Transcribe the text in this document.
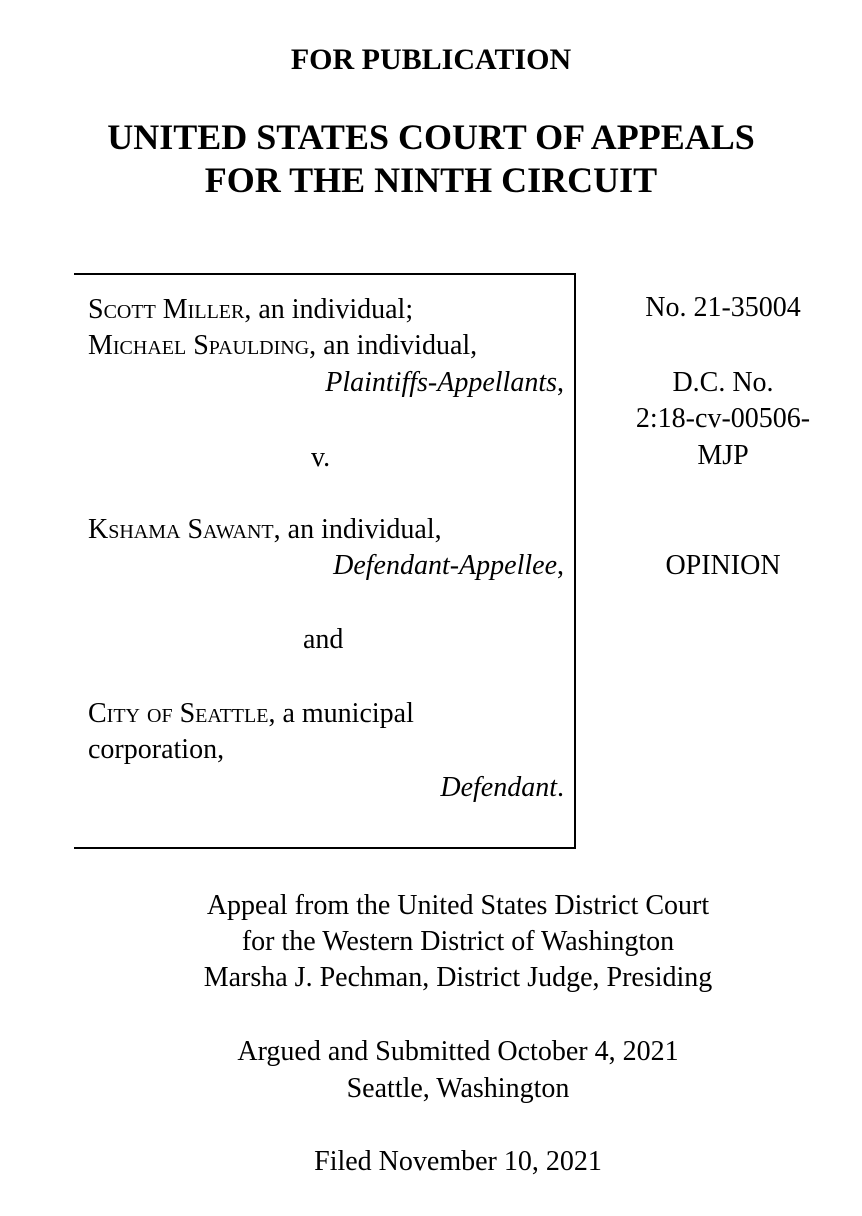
FOR PUBLICATION
UNITED STATES COURT OF APPEALS
FOR THE NINTH CIRCUIT
Scott Miller, an individual;
Michael Spaulding, an individual,
Plaintiffs-Appellants,
v.
Kshama Sawant, an individual,
Defendant-Appellee,
and
City of Seattle, a municipal
corporation,
Defendant.
No. 21-35004
D.C. No.
2:18-cv-00506-
MJP
OPINION
Appeal from the United States District Court
for the Western District of Washington
Marsha J. Pechman, District Judge, Presiding
Argued and Submitted October 4, 2021
Seattle, Washington
Filed November 10, 2021
